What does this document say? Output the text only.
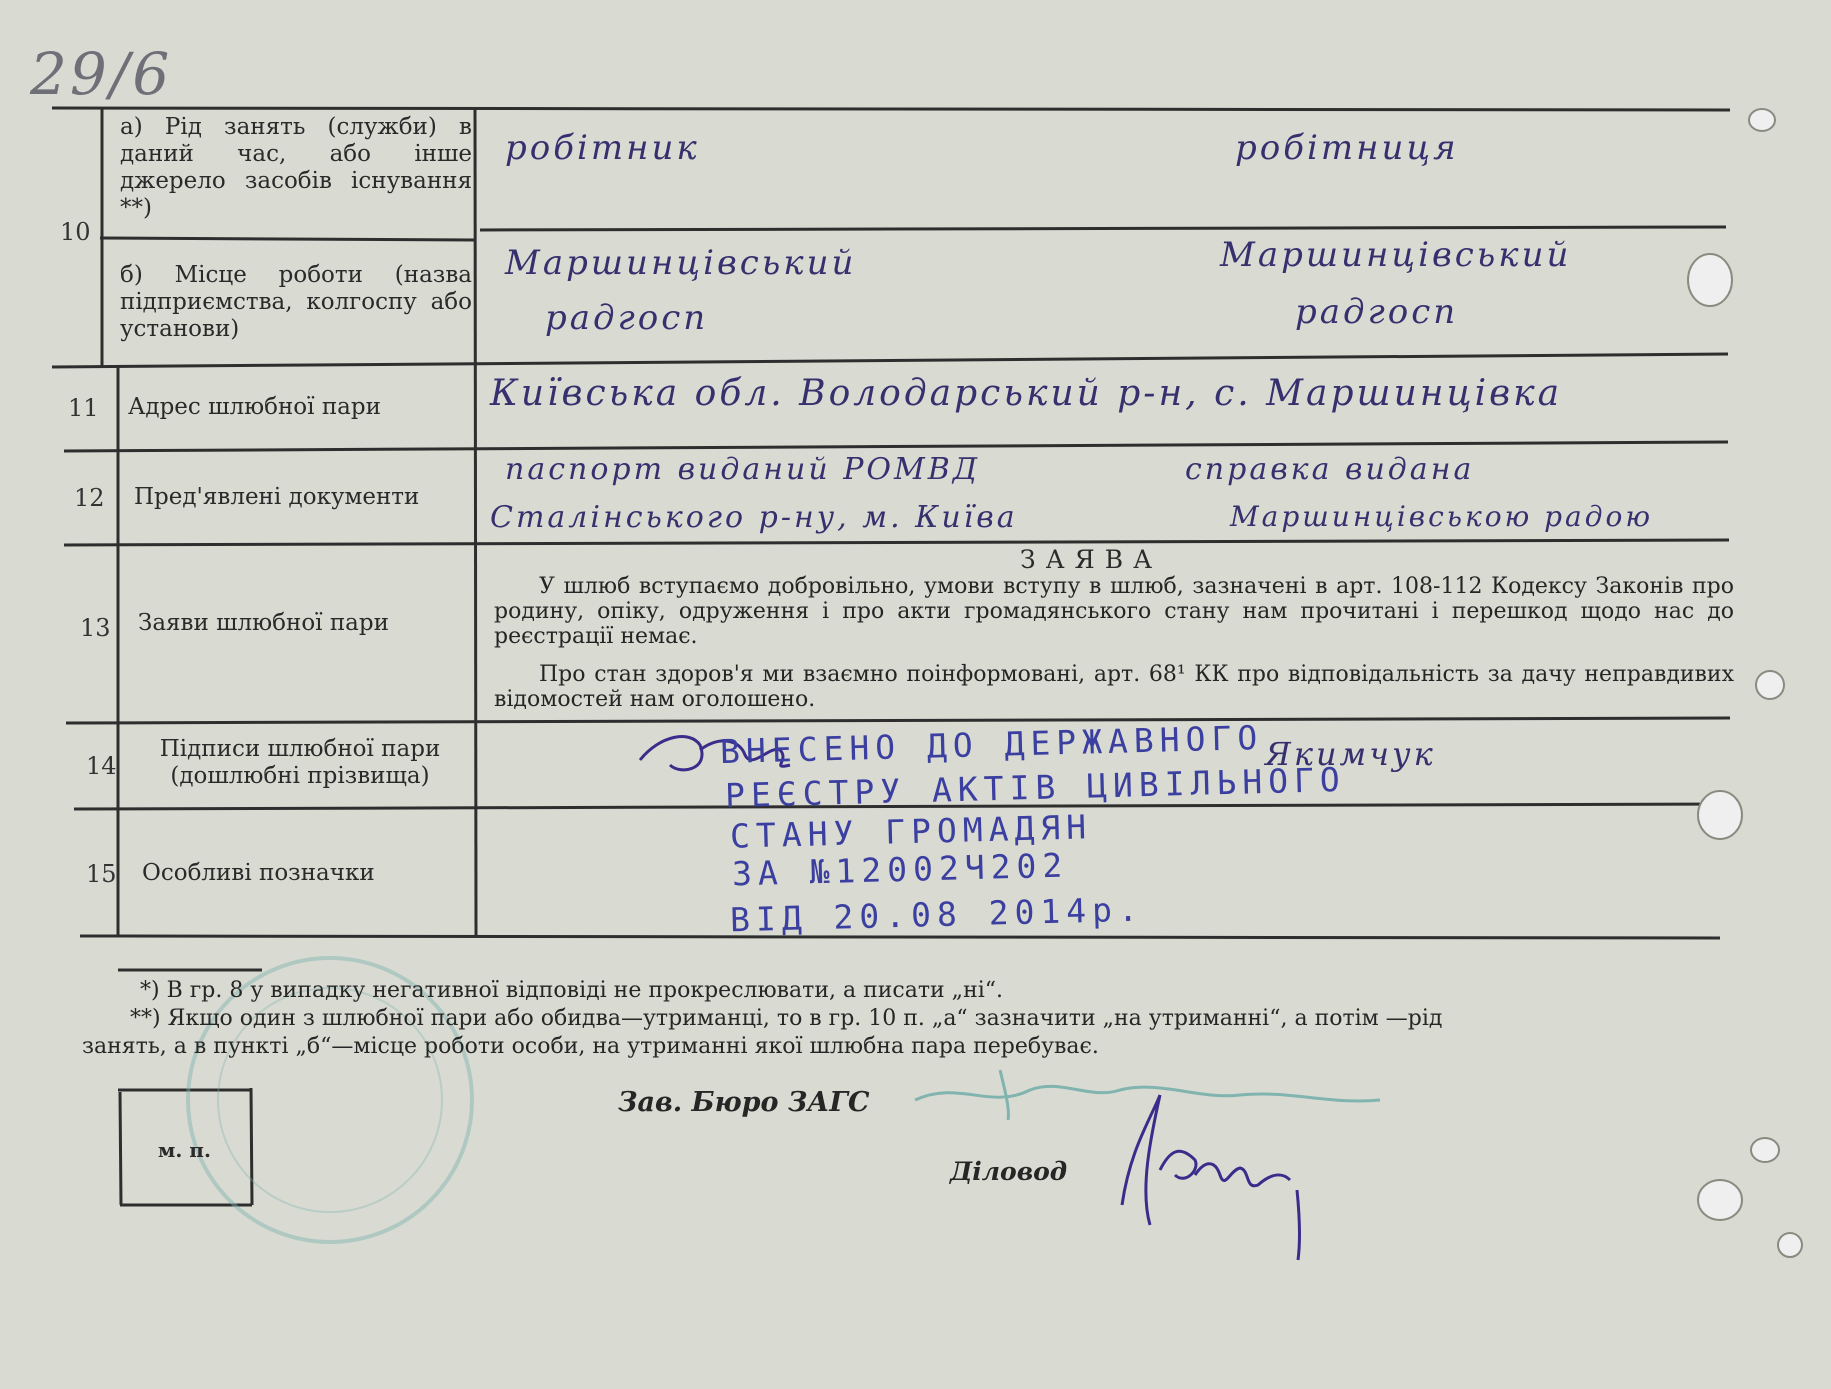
29/6
10
а) Рід занять (служби) в даний час, або інше джерело засобів існування **)
робітник	робітниця
б) Місце роботи (назва підприємства, колгоспу або установи)
Маршинцівський
радгосп
Маршинцівський
радгосп
11 Адрес шлюбної пари	Київська обл. Володарський р-н, с. Маршинцівка
12 Пред'явлені документи
паспорт виданий РОМВД
Сталінського р-ну, м. Київа
справка видана
Маршинцівською радою
13 Заяви шлюбної пари
ЗАЯВА
У шлюб вступаємо добровільно, умови вступу в шлюб, зазначені в арт. 108-112 Кодексу Законів про родину, опіку, одруження і про акти громадянського стану нам прочитані і перешкод щодо нас до реєстрації немає.
Про стан здоров'я ми взаємно поінформовані, арт. 68¹ КК про відповідальність за дачу неправдивих відомостей нам оголошено.
14
Підписи шлюбної пари (дошлюбні прізвища)
Якимчук
15 Особливі позначки
ВНЕСЕНО ДО ДЕРЖАВНОГО
РЕЄСТРУ АКТІВ ЦИВІЛЬНОГО
СТАНУ ГРОМАДЯН
ЗА №12002Ч202
ВІД 20.08 2014р.
*) В гр. 8 у випадку негативної відповіді не прокреслювати, а писати „ні“.
**) Якщо один з шлюбної пари або обидва—утриманці, то в гр. 10 п. „а“ зазначити „на утриманні“, а потім —рід
занять, а в пункті „б“—місце роботи особи, на утриманні якої шлюбна пара перебуває.
м. п.
Зав. Бюро ЗАГС
Діловод
